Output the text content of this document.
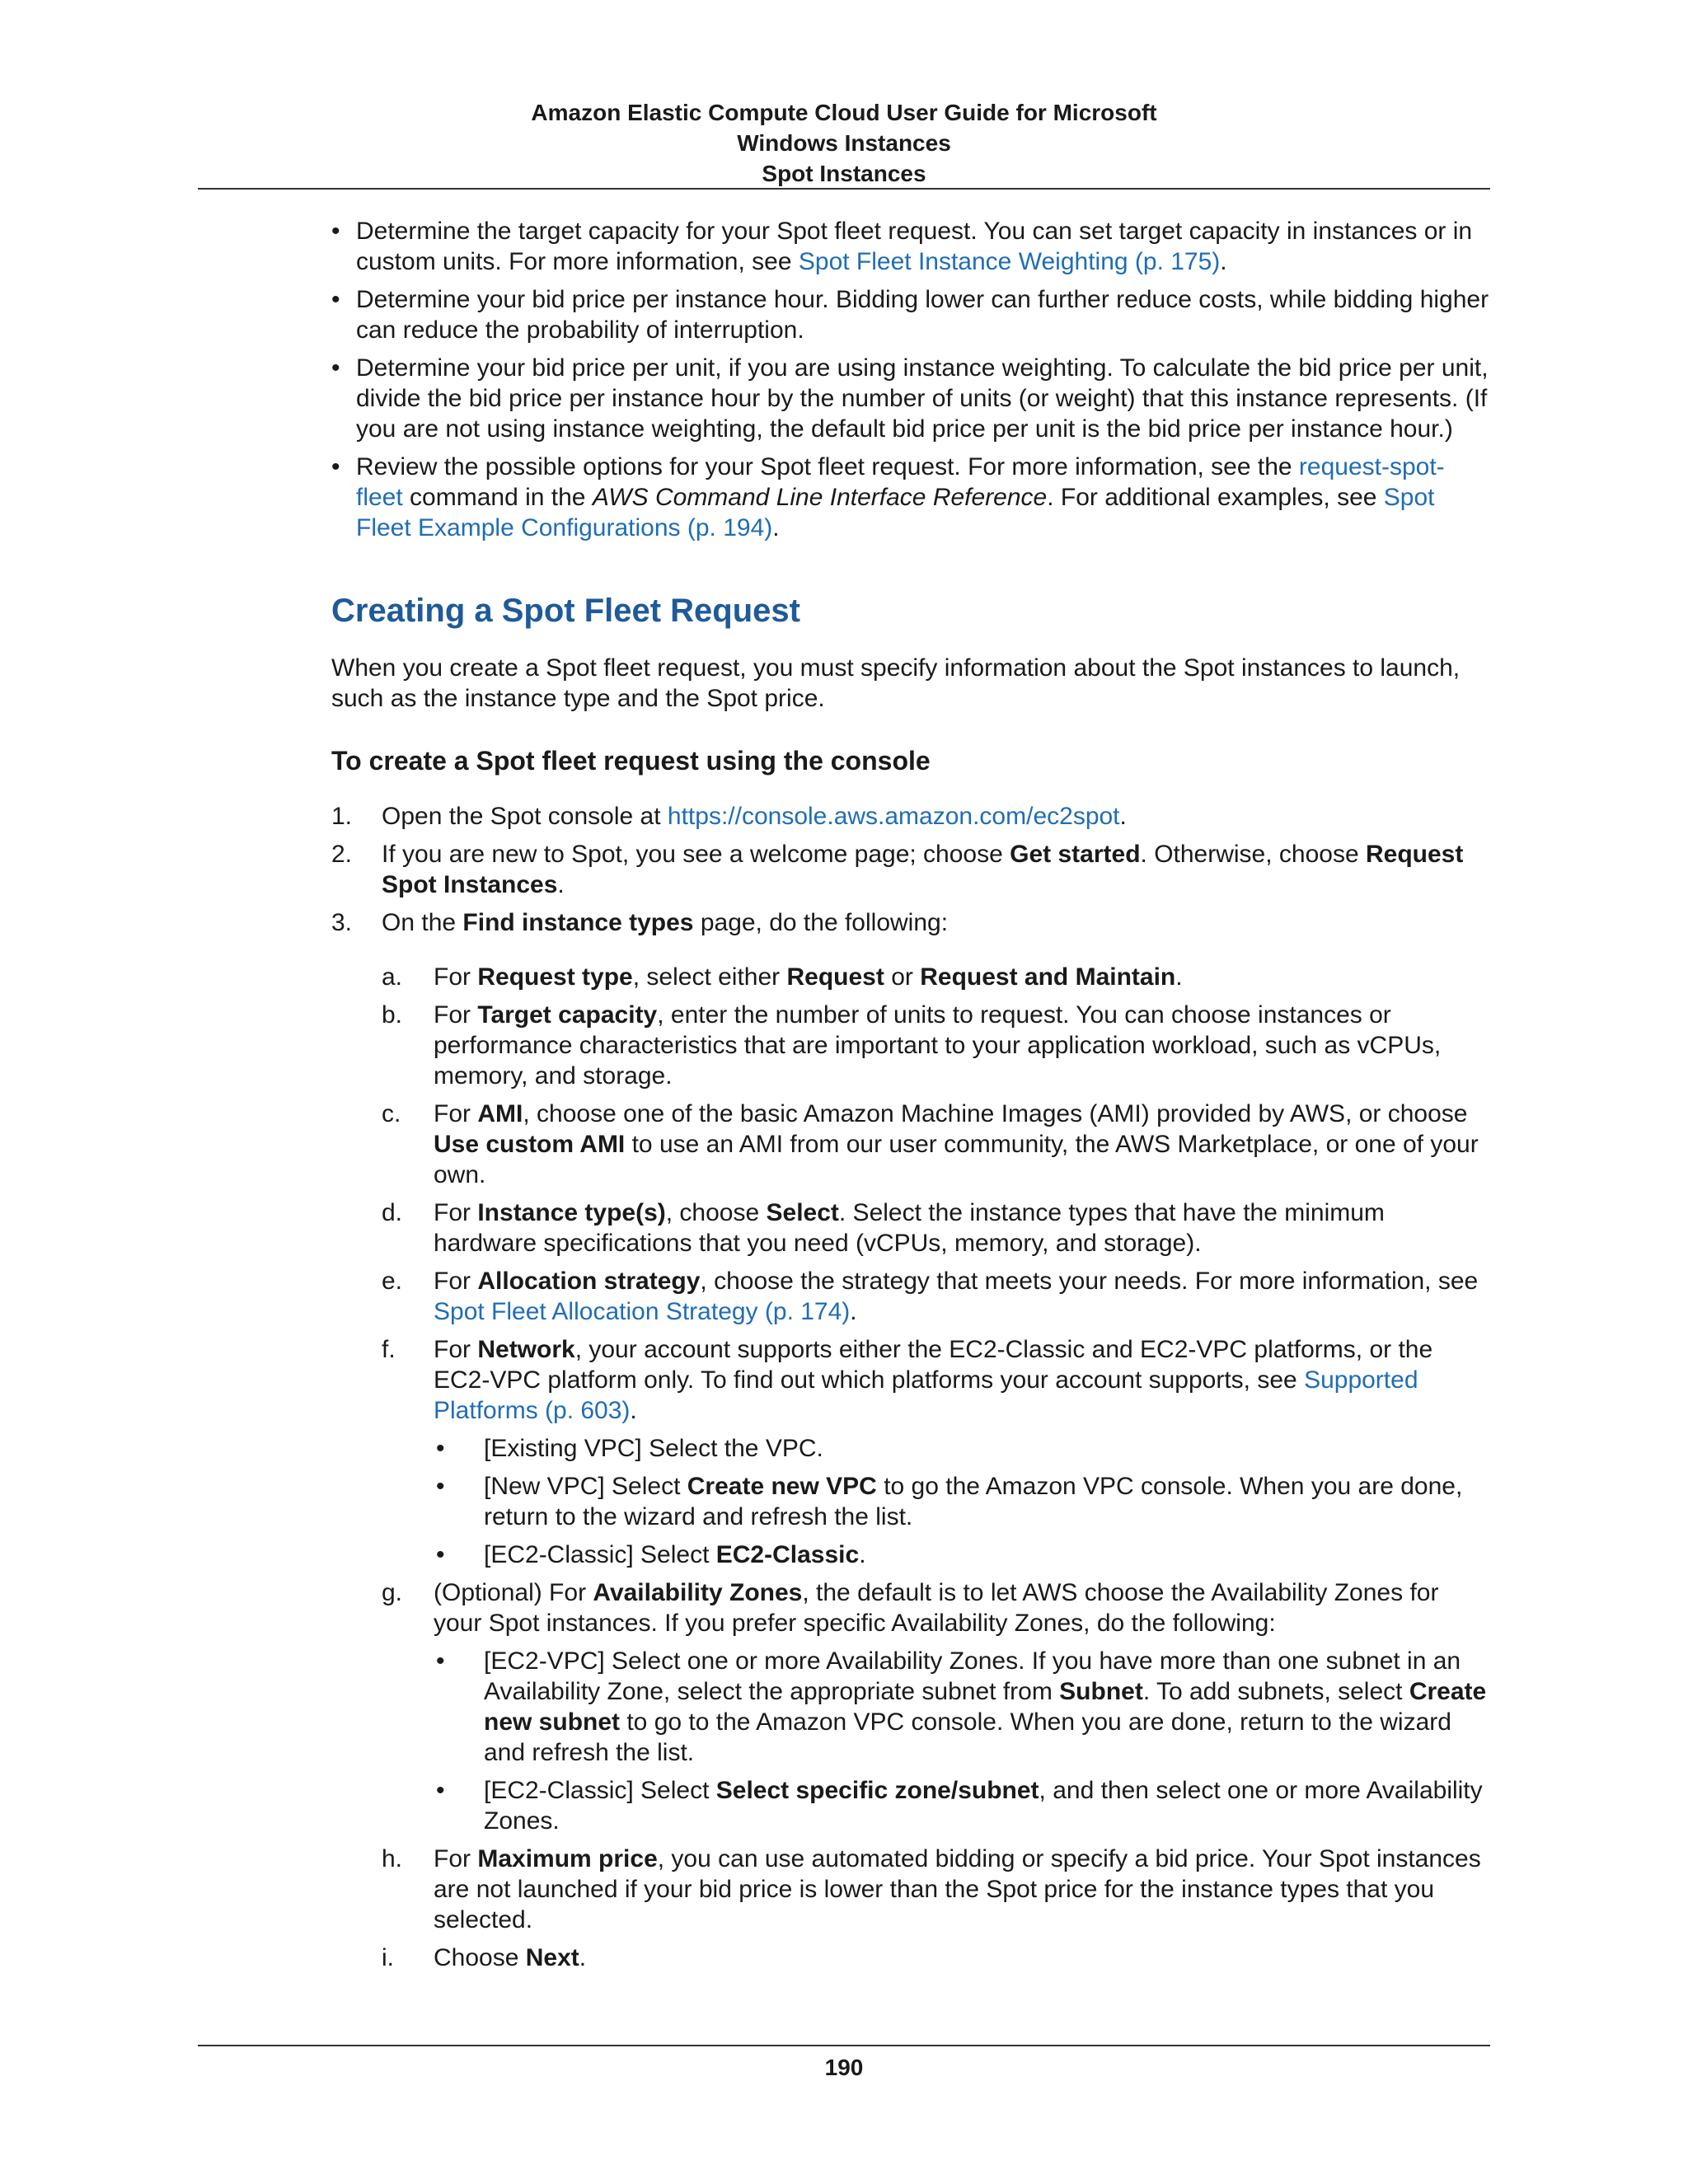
Amazon Elastic Compute Cloud User Guide for Microsoft
Windows Instances
Spot Instances
• Determine the target capacity for your Spot fleet request. You can set target capacity in instances or in custom units. For more information, see Spot Fleet Instance Weighting (p. 175).
• Determine your bid price per instance hour. Bidding lower can further reduce costs, while bidding higher can reduce the probability of interruption.
• Determine your bid price per unit, if you are using instance weighting. To calculate the bid price per unit, divide the bid price per instance hour by the number of units (or weight) that this instance represents. (If you are not using instance weighting, the default bid price per unit is the bid price per instance hour.)
• Review the possible options for your Spot fleet request. For more information, see the request-spot-fleet command in the AWS Command Line Interface Reference. For additional examples, see Spot Fleet Example Configurations (p. 194).
Creating a Spot Fleet Request

When you create a Spot fleet request, you must specify information about the Spot instances to launch, such as the instance type and the Spot price.

To create a Spot fleet request using the console
1. Open the Spot console at https://console.aws.amazon.com/ec2spot.
2. If you are new to Spot, you see a welcome page; choose Get started. Otherwise, choose Request Spot Instances.
3. On the Find instance types page, do the following:
a. For Request type, select either Request or Request and Maintain.
b. For Target capacity, enter the number of units to request. You can choose instances or performance characteristics that are important to your application workload, such as vCPUs, memory, and storage.
c. For AMI, choose one of the basic Amazon Machine Images (AMI) provided by AWS, or choose Use custom AMI to use an AMI from our user community, the AWS Marketplace, or one of your own.
d. For Instance type(s), choose Select. Select the instance types that have the minimum hardware specifications that you need (vCPUs, memory, and storage).
e. For Allocation strategy, choose the strategy that meets your needs. For more information, see Spot Fleet Allocation Strategy (p. 174).
f. For Network, your account supports either the EC2-Classic and EC2-VPC platforms, or the EC2-VPC platform only. To find out which platforms your account supports, see Supported Platforms (p. 603).
• [Existing VPC] Select the VPC.
• [New VPC] Select Create new VPC to go the Amazon VPC console. When you are done, return to the wizard and refresh the list.
• [EC2-Classic] Select EC2-Classic.
g. (Optional) For Availability Zones, the default is to let AWS choose the Availability Zones for your Spot instances. If you prefer specific Availability Zones, do the following:
• [EC2-VPC] Select one or more Availability Zones. If you have more than one subnet in an Availability Zone, select the appropriate subnet from Subnet. To add subnets, select Create new subnet to go to the Amazon VPC console. When you are done, return to the wizard and refresh the list.
• [EC2-Classic] Select Select specific zone/subnet, and then select one or more Availability Zones.
h. For Maximum price, you can use automated bidding or specify a bid price. Your Spot instances are not launched if your bid price is lower than the Spot price for the instance types that you selected.
i. Choose Next.
190
